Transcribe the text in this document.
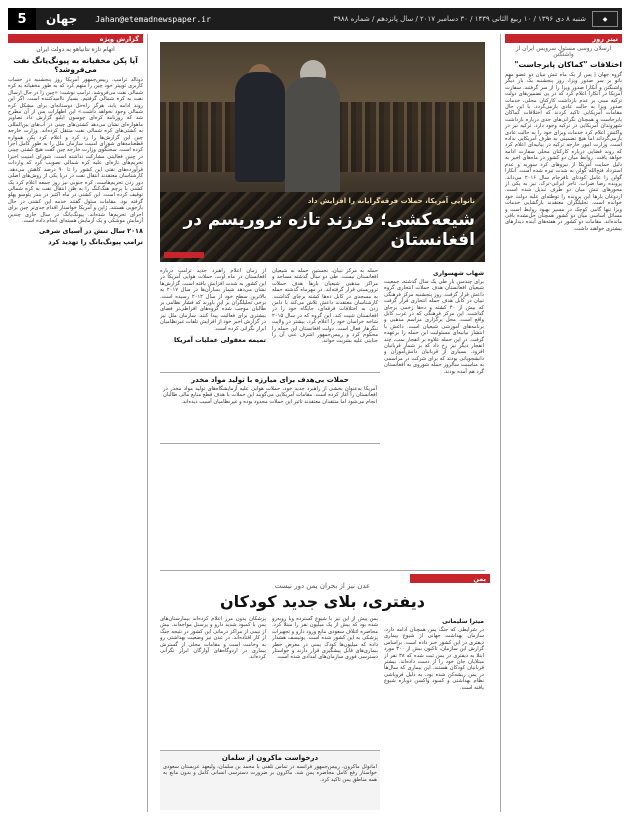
5	جهان	Jahan@etemadnewspaper.ir	شنبه ۸ دی ۱۳۹۶ / ۱۰ ربیع الثانی ۱۴۳۹ / ۳۰ دسامبر ۲۰۱۷ / سال پانزدهم / شماره ۳۹۸۸	◆
تیتر روز
ارسلان روسی مسئول سرویس ایران از واشنگتن
اختلافات "کماکان پابرجاست"
گروه جهان | پس از یک ماه تنش میان دو عضو مهم ناتو بر سر صدور ویزا، روز پنجشنبه یک بار دیگر واشنگتن و آنکارا صدور ویزا را از سر گرفتند. سفارت آمریکا در آنکارا اعلام کرد که در پی تضمین‌های دولت ترکیه مبنی بر عدم بازداشت کارکنان محلی، خدمات صدور ویزا به حالت عادی بازمی‌گردد. با این حال مقامات آمریکایی تاکید کردند که اختلافات کماکان پابرجاست و همچنان نگرانی‌های جدی درباره بازداشت شهروندان آمریکایی در ترکیه وجود دارد. ترکیه نیز در واکنش اعلام کرد خدمات ویزای خود را به حالت عادی بازمی‌گرداند اما هیچ تضمینی به طرف آمریکایی نداده است. وزارت امور خارجه ترکیه در بیانیه‌ای اعلام کرد که روند قضایی درباره کارکنان محلی سفارت ادامه خواهد یافت. روابط میان دو کشور در ماه‌های اخیر به دلیل حمایت آمریکا از نیروهای کرد سوریه و عدم استرداد فتح‌الله گولن به شدت تیره شده است. آنکارا گولن را عامل کودتای نافرجام سال ۲۰۱۶ می‌داند. پرونده رضا ضراب، تاجر ایرانی-ترک، نیز به یکی از محورهای تنش میان دو طرف تبدیل شده است. اردوغان بارها این پرونده را توطئه‌ای علیه دولت خود خوانده است. تحلیلگران معتقدند بازگشایی خدمات ویزا تنها گامی کوچک در مسیر بهبود روابط است و مسائل اساسی میان دو کشور همچنان حل‌نشده باقی مانده‌اند. مقامات دو کشور در هفته‌های آینده دیدارهای بیشتری خواهند داشت.
نانوایی آمریکا، حملات فرقه‌گرایانه را افزایش داد
شیعه‌کشی؛ فرزند تازه تروریسم در افغانستان
شهاب شهسواری
برای چندمین بار طی یک سال گذشته، جمعیت شیعیان افغانستان هدف حملات انتحاری گروه داعش قرار گرفت. روز پنجشنبه مرکز فرهنگی تبیان در کابل هدف حمله انتحاری قرار گرفت که بیش از ۴۰ کشته و ده‌ها زخمی برجای گذاشت. این مرکز فرهنگی که در غرب کابل واقع است، محل برگزاری مراسم مذهبی و برنامه‌های آموزشی شیعیان است. داعش با انتشار بیانیه‌ای مسئولیت این حمله را برعهده گرفت. در این حمله علاوه بر انفجار بمب، چند انفجار دیگر نیز رخ داد که بر شمار قربانیان افزود. بسیاری از قربانیان دانش‌آموزان و دانشجویانی بودند که برای شرکت در مراسمی به مناسبت سالروز حمله شوروی به افغانستان گرد هم آمده بودند.
حمله به مرکز تبیان، نخستین حمله به شیعیان افغانستان نیست. طی دو سال گذشته مساجد و مراکز مذهبی شیعیان بارها هدف حملات تروریستی قرار گرفته‌اند. در مهرماه گذشته حمله به مسجدی در کابل ده‌ها کشته برجای گذاشت. کارشناسان معتقدند داعش تلاش می‌کند با دامن زدن به اختلافات فرقه‌ای، جایگاه خود را در افغانستان تثبیت کند. این گروه که در سال ۲۰۱۵ شاخه خراسان خود را اعلام کرد، بیشتر در ولایت ننگرهار فعال است. دولت افغانستان این حمله را محکوم کرد و رییس‌جمهور اشرف غنی آن را جنایتی علیه بشریت خواند.
از زمان اعلام راهبرد جدید ترامپ درباره افغانستان در ماه اوت، حملات هوایی آمریکا در این کشور به شدت افزایش یافته است. گزارش‌ها نشان می‌دهد شمار بمباران‌ها در سال ۲۰۱۷ به بالاترین سطح خود از سال ۲۰۱۲ رسیده است. برخی تحلیلگران بر این باورند که فشار نظامی بر طالبان موجب شده گروه‌های افراطی‌تر فضای بیشتری برای فعالیت پیدا کنند. سازمان ملل نیز در گزارش اخیر خود از افزایش تلفات غیرنظامیان ابراز نگرانی کرده است.
تمیمه معقولی عملیات آمریکا
حملات بی‌هدف برای مبارزه با تولید مواد مخدر
آمریکا به‌عنوان بخشی از راهبرد جدید خود، حملات هوایی علیه آزمایشگاه‌های تولید مواد مخدر در افغانستان را آغاز کرده است. مقامات آمریکایی می‌گویند این حملات با هدف قطع منابع مالی طالبان انجام می‌شود اما منتقدان معتقدند تاثیر این حملات محدود بوده و غیرنظامیان آسیب دیده‌اند.
گزارش ویژه
اتهام تازه نتانیاهو به دولت ایران
آیا پکن مخفیانه به پیونگ‌یانگ نفت می‌فروشد؟
دونالد ترامپ، رییس‌جمهور آمریکا روز پنجشنبه در حساب کاربری توییتر خود چین را متهم کرد که به طور مخفیانه به کره شمالی نفت می‌فروشد. ترامپ نوشت: «چین را در حال ارسال نفت به کره شمالی گرفتیم. بسیار ناامیدکننده است. اگر این روند ادامه یابد، هرگز راه‌حل دوستانه‌ای برای مشکل کره شمالی وجود نخواهد داشت.» این اظهارات پس از آن مطرح شد که روزنامه کره‌ای چوسون ایلبو گزارش داد تصاویر ماهواره‌ای نشان می‌دهد کشتی‌های چینی در آب‌های بین‌المللی به کشتی‌های کره شمالی نفت منتقل کرده‌اند. وزارت خارجه چین این گزارش‌ها را رد کرد و اعلام کرد پکن همواره قطعنامه‌های شورای امنیت سازمان ملل را به طور کامل اجرا کرده است. سخنگوی وزارت خارجه چین گفت هیچ کشتی چینی در چنین فعالیتی مشارکت نداشته است. شورای امنیت اخیرا تحریم‌های تازه‌ای علیه کره شمالی تصویب کرد که واردات فرآورده‌های نفتی این کشور را تا ۹۰ درصد کاهش می‌دهد. کارشناسان معتقدند انتقال نفت در دریا یکی از روش‌های اصلی دور زدن تحریم‌هاست. کره جنوبی نیز روز جمعه اعلام کرد یک کشتی با پرچم هنگ‌کنگ را به ظن انتقال نفت به کره شمالی توقیف کرده است. این کشتی در ماه اکتبر در بندر یئوسو پهلو گرفته بود. مقامات سئول گفتند خدمه این کشتی در حال بازجویی هستند. ژاپن و آمریکا خواستار اقدام جدی‌تر چین برای اجرای تحریم‌ها شده‌اند. پیونگ‌یانگ در سال جاری چندین آزمایش موشکی و یک آزمایش هسته‌ای انجام داده است.
۲۰۱۸ سال تنش در آسیای شرقی
ترامپ پیونگ‌یانگ را تهدید کرد
یمن
عدن نیز از بحران یمن دور نیست
دیفتری، بلای جدید کودکان
میترا سلیمانی
در شرایطی که جنگ یمن همچنان ادامه دارد، سازمان بهداشت جهانی از شیوع بیماری دیفتری در این کشور خبر داده است. براساس گزارش این سازمان، تاکنون بیش از ۳۰۰ مورد ابتلا به دیفتری در یمن ثبت شده که ۳۸ نفر از مبتلایان جان خود را از دست داده‌اند. بیشتر قربانیان کودکان هستند. این بیماری که سال‌ها در یمن ریشه‌کن شده بود، به دلیل فروپاشی نظام بهداشتی و کمبود واکسن دوباره شیوع یافته است.
یمن پیش از این نیز با شیوع گسترده وبا روبه‌رو شده بود که بیش از یک میلیون نفر را مبتلا کرد. محاصره ائتلاف سعودی مانع ورود دارو و تجهیزات پزشکی به این کشور شده است. یونیسف هشدار داده که میلیون‌ها کودک یمنی در معرض خطر بیماری‌های قابل پیشگیری قرار دارند و خواستار دسترسی فوری سازمان‌های امدادی شده است.
پزشکان بدون مرز اعلام کرده‌اند بیمارستان‌های یمن با کمبود شدید دارو و پرسنل مواجه‌اند. بیش از نیمی از مراکز درمانی این کشور در نتیجه جنگ از کار افتاده‌اند. در عدن نیز وضعیت بهداشتی رو به وخامت است و مقامات محلی از گسترش بیماری در اردوگاه‌های آوارگان ابراز نگرانی کرده‌اند.
درخواست ماکرون از سلمان
امانوئل ماکرون، رییس‌جمهور فرانسه در تماس تلفنی با محمد بن سلمان، ولیعهد عربستان سعودی خواستار رفع کامل محاصره یمن شد. ماکرون بر ضرورت دسترسی انسانی کامل و بدون مانع به همه مناطق یمن تاکید کرد.
